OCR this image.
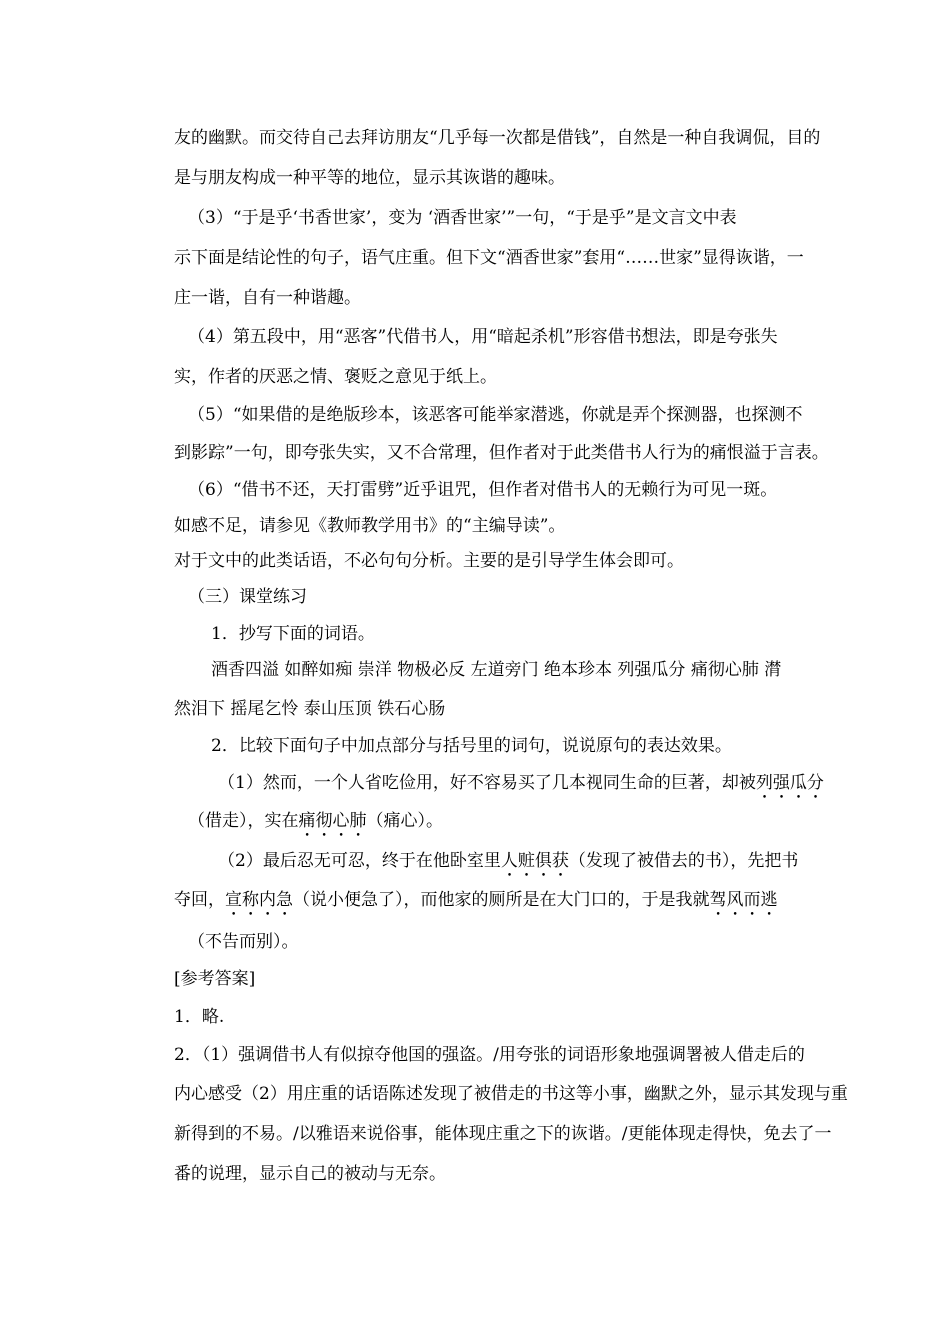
友的幽默。而交待自己去拜访朋友“几乎每一次都是借钱”，自然是一种自我调侃，目的
是与朋友构成一种平等的地位，显示其诙谐的趣味。
（3）“于是乎‘书香世家’，变为 ‘酒香世家’”一句，“于是乎”是文言文中表
示下面是结论性的句子，语气庄重。但下文“酒香世家”套用“……世家”显得诙谐，一
庄一谐，自有一种谐趣。
（4）第五段中，用“恶客”代借书人，用“暗起杀机”形容借书想法，即是夸张失
实，作者的厌恶之情、褒贬之意见于纸上。
（5）“如果借的是绝版珍本，该恶客可能举家潜逃，你就是弄个探测器，也探测不
到影踪”一句，即夸张失实，又不合常理，但作者对于此类借书人行为的痛恨溢于言表。
（6）“借书不还，天打雷劈”近乎诅咒，但作者对借书人的无赖行为可见一斑。
如感不足，请参见《教师教学用书》的“主编导读”。
对于文中的此类话语，不必句句分析。主要的是引导学生体会即可。
（三）课堂练习
1．抄写下面的词语。
酒香四溢 如醉如痴 崇洋 物极必反 左道旁门 绝本珍本 列强瓜分 痛彻心肺 潸
然泪下 摇尾乞怜 泰山压顶 铁石心肠
2．比较下面句子中加点部分与括号里的词句，说说原句的表达效果。
（1）然而，一个人省吃俭用，好不容易买了几本视同生命的巨著，却被列强瓜分
（借走），实在痛彻心肺（痛心）。
（2）最后忍无可忍，终于在他卧室里人赃俱获（发现了被借去的书），先把书
夺回，宣称内急（说小便急了），而他家的厕所是在大门口的，于是我就驾风而逃
（不告而别）。
[参考答案]
1．略.
2．（1）强调借书人有似掠夺他国的强盗。/用夸张的词语形象地强调署被人借走后的
内心感受（2）用庄重的话语陈述发现了被借走的书这等小事，幽默之外，显示其发现与重
新得到的不易。/以雅语来说俗事，能体现庄重之下的诙谐。/更能体现走得快，免去了一
番的说理，显示自己的被动与无奈。
